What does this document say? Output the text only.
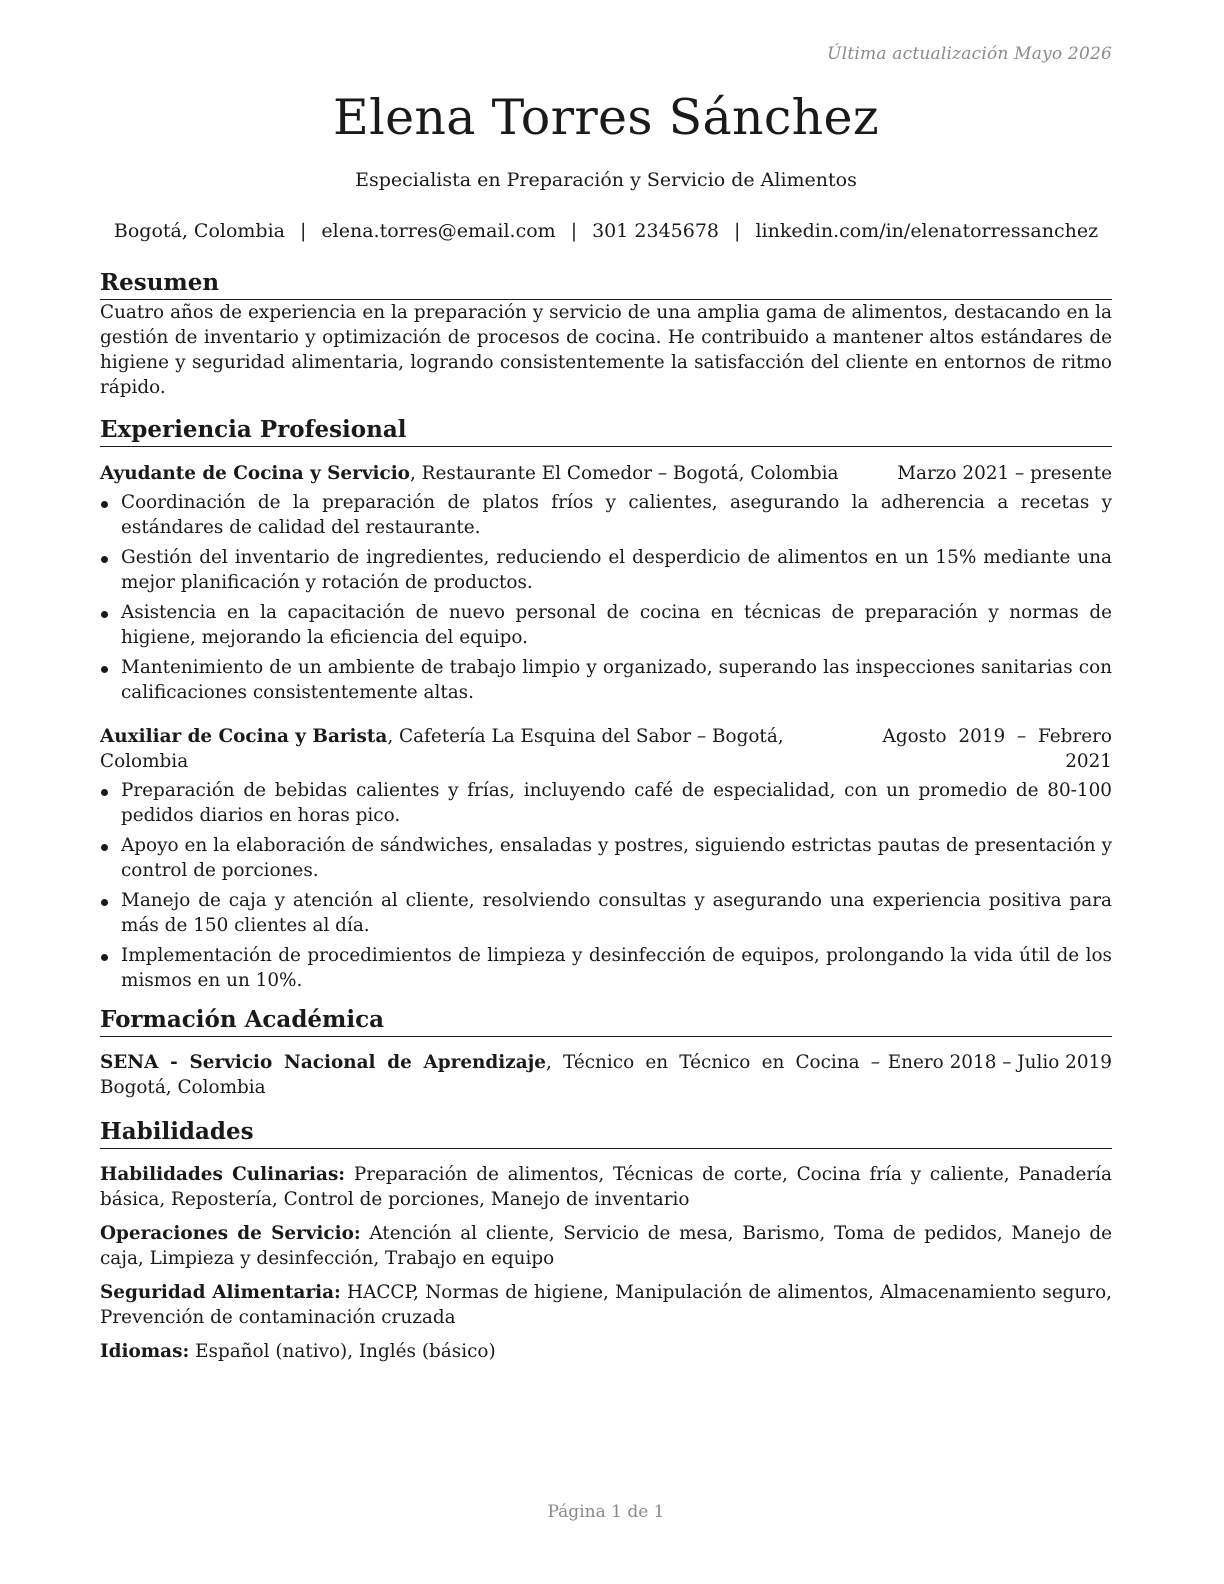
Última actualización Mayo 2026
Elena Torres Sánchez
Especialista en Preparación y Servicio de Alimentos
Bogotá, Colombia | elena.torres@email.com | 301 2345678 | linkedin.com/in/elenatorressanchez
Resumen

Cuatro años de experiencia en la preparación y servicio de una amplia gama de alimentos, destacando en la gestión de inventario y optimización de procesos de cocina. He contribuido a mantener altos estándares de higiene y seguridad alimentaria, logrando consistentemente la satisfacción del cliente en entornos de ritmo rápido.

Experiencia Profesional
Ayudante de Cocina y Servicio, Restaurante El Comedor – Bogotá, Colombia	Marzo 2021 – presente
Coordinación de la preparación de platos fríos y calientes, asegurando la adherencia a recetas y estándares de calidad del restaurante.
Gestión del inventario de ingredientes, reduciendo el desperdicio de alimentos en un 15% mediante una mejor planificación y rotación de productos.
Asistencia en la capacitación de nuevo personal de cocina en técnicas de preparación y normas de higiene, mejorando la eficiencia del equipo.
Mantenimiento de un ambiente de trabajo limpio y organizado, superando las inspecciones sanitarias con calificaciones consistentemente altas.
Auxiliar de Cocina y Barista, Cafetería La Esquina del Sabor – Bogotá, Colombia
Agosto 2019 – Febrero 2021
Preparación de bebidas calientes y frías, incluyendo café de especialidad, con un promedio de 80-100 pedidos diarios en horas pico.
Apoyo en la elaboración de sándwiches, ensaladas y postres, siguiendo estrictas pautas de presentación y control de porciones.
Manejo de caja y atención al cliente, resolviendo consultas y asegurando una experiencia positiva para más de 150 clientes al día.
Implementación de procedimientos de limpieza y desinfección de equipos, prolongando la vida útil de los mismos en un 10%.
Formación Académica
SENA - Servicio Nacional de Aprendizaje, Técnico en Técnico en Cocina – Bogotá, Colombia
Enero 2018 – Julio 2019
Habilidades

Habilidades Culinarias: Preparación de alimentos, Técnicas de corte, Cocina fría y caliente, Panadería básica, Repostería, Control de porciones, Manejo de inventario

Operaciones de Servicio: Atención al cliente, Servicio de mesa, Barismo, Toma de pedidos, Manejo de caja, Limpieza y desinfección, Trabajo en equipo

Seguridad Alimentaria: HACCP, Normas de higiene, Manipulación de alimentos, Almacenamiento seguro, Prevención de contaminación cruzada

Idiomas: Español (nativo), Inglés (básico)

Página 1 de 1
